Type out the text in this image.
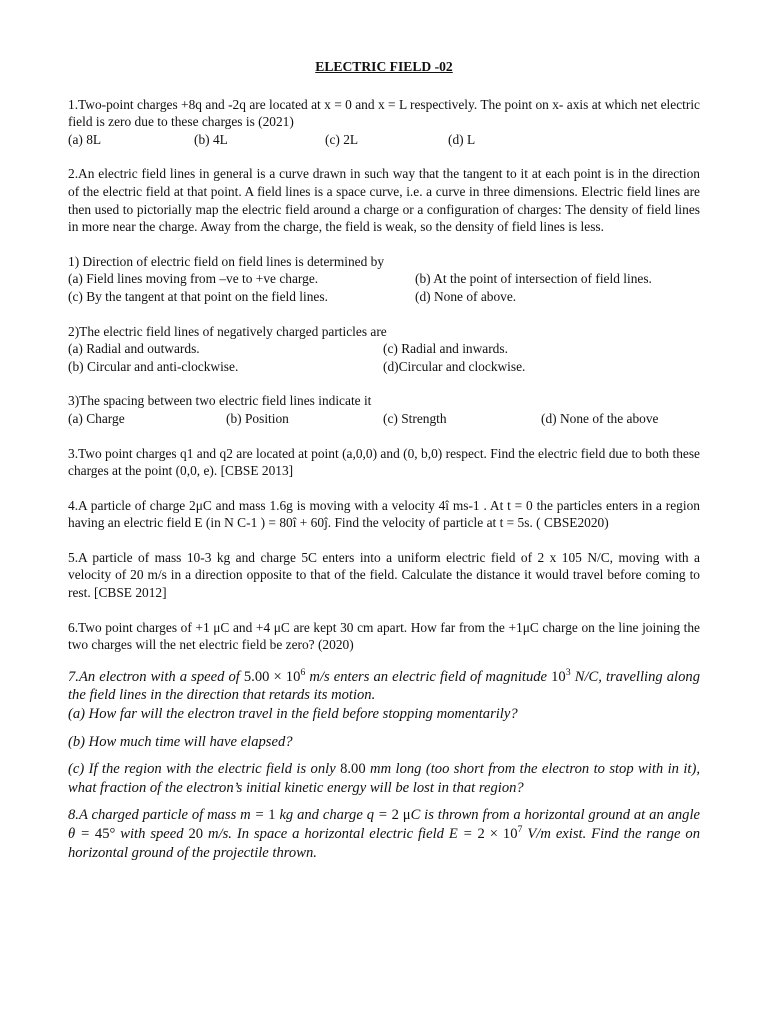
ELECTRIC FIELD -02

1.Two-point charges +8q and -2q are located at x = 0 and x = L respectively. The point on x- axis at which net electric field is zero due to these charges is (2021)

(a) 8L	(b) 4L	(c) 2L	(d) L

2.An electric field lines in general is a curve drawn in such way that the tangent to it at each point is in the direction of the electric field at that point. A field lines is a space curve, i.e. a curve in three dimensions. Electric field lines are then used to pictorially map the electric field around a charge or a configuration of charges: The density of field lines in more near the charge. Away from the charge, the field is weak, so the density of field lines is less.

1) Direction of electric field on field lines is determined by

(a) Field lines moving from –ve to +ve charge.	(b) At the point of intersection of field lines.
(c) By the tangent at that point on the field lines.	(d) None of above.

2)The electric field lines of negatively charged particles are

(a) Radial and outwards.	(c) Radial and inwards.
(b) Circular and anti-clockwise.	(d)Circular and clockwise.

3)The spacing between two electric field lines indicate it

(a) Charge	(b) Position	(c) Strength	(d) None of the above

3.Two point charges q1 and q2 are located at point (a,0,0) and (0, b,0) respect. Find the electric field due to both these charges at the point (0,0, e). [CBSE 2013]

4.A particle of charge 2μC and mass 1.6g is moving with a velocity 4î ms-1 . At t = 0 the particles enters in a region having an electric field E (in N C-1 ) = 80î + 60ĵ. Find the velocity of particle at t = 5s. ( CBSE2020)

5.A particle of mass 10-3 kg and charge 5C enters into a uniform electric field of 2 x 105 N/C, moving with a velocity of 20 m/s in a direction opposite to that of the field. Calculate the distance it would travel before coming to rest. [CBSE 2012]

6.Two point charges of +1 μC and +4 μC are kept 30 cm apart. How far from the +1μC charge on the line joining the two charges will the net electric field be zero? (2020)

7.An electron with a speed of $5.00 \times 10^6$ m/s enters an electric field of magnitude $10^3$ N/C, travelling along the field lines in the direction that retards its motion.

(a) How far will the electron travel in the field before stopping momentarily?

(b) How much time will have elapsed?

(c) If the region with the electric field is only 8.00 mm long (too short from the electron to stop with in it), what fraction of the electron’s initial kinetic energy will be lost in that region?

8.A charged particle of mass m = 1 kg and charge q = 2 μC is thrown from a horizontal ground at an angle θ = 45° with speed 20 m/s. In space a horizontal electric field $E = 2 \times 10^7$ V/m exist. Find the range on horizontal ground of the projectile thrown.
